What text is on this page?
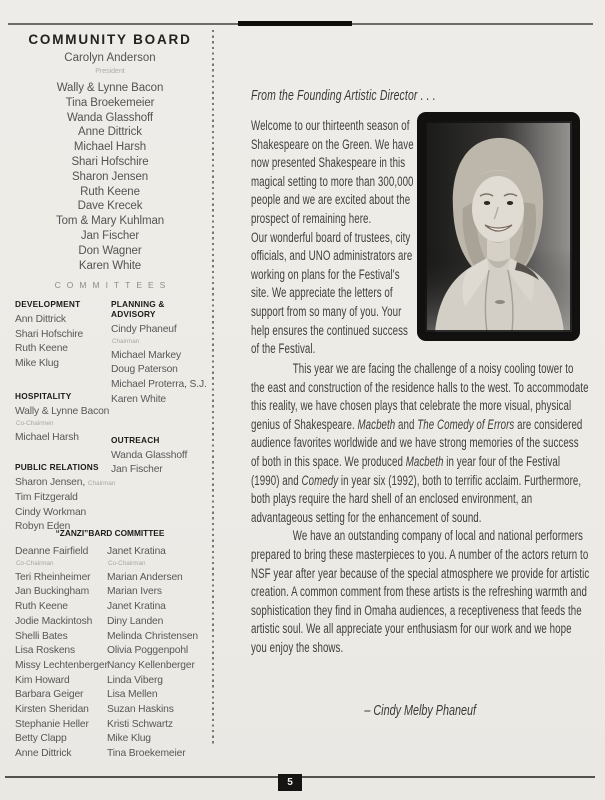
COMMUNITY BOARD
Carolyn Anderson
President
Wally & Lynne Bacon
Tina Broekemeier
Wanda Glasshoff
Anne Dittrick
Michael Harsh
Shari Hofschire
Sharon Jensen
Ruth Keene
Dave Krecek
Tom & Mary Kuhlman
Jan Fischer
Don Wagner
Karen White
COMMITTEES
DEVELOPMENT
Ann Dittrick
Shari Hofschire
Ruth Keene
Mike Klug
HOSPITALITY
Wally & Lynne Bacon
Co-Chairmen
Michael Harsh
PUBLIC RELATIONS
Sharon Jensen, Chairman
Tim Fitzgerald
Cindy Workman
Robyn Eden
PLANNING & ADVISORY
Cindy Phaneuf
Chairman
Michael Markey
Doug Paterson
Michael Proterra, S.J.
Karen White
OUTREACH
Wanda Glasshoff
Jan Fischer
“ZANZI”BARD COMMITTEE
Deanne Fairfield
Co-Chairman
Teri Rheinheimer
Jan Buckingham
Ruth Keene
Jodie Mackintosh
Shelli Bates
Lisa Roskens
Missy Lechtenberger
Kim Howard
Barbara Geiger
Kirsten Sheridan
Stephanie Heller
Betty Clapp
Anne Dittrick
Janet Kratina
Co-Chairman
Marian Andersen
Marian Ivers
Janet Kratina
Diny Landen
Melinda Christensen
Olivia Poggenpohl
Nancy Kellenberger
Linda Viberg
Lisa Mellen
Suzan Haskins
Kristi Schwartz
Mike Klug
Tina Broekemeier
From the Founding Artistic Director . . .

Welcome to our thirteenth season of Shakespeare on the Green. We have now presented Shakespeare in this magical setting to more than 300,000 people and we are excited about the prospect of remaining here.

Our wonderful board of trustees, city officials, and UNO administrators are working on plans for the Festival's site. We appreciate the letters of support from so many of you. Your help ensures the continued success of the Festival.

This year we are facing the challenge of a noisy cooling tower to the east and construction of the residence halls to the west. To accommodate this reality, we have chosen plays that celebrate the more visual, physical genius of Shakespeare. Macbeth and The Comedy of Errors are considered audience favorites worldwide and we have strong memories of the success of both in this space. We produced Macbeth in year four of the Festival (1990) and Comedy in year six (1992), both to terrific acclaim. Furthermore, both plays require the hard shell of an enclosed environment, an advantageous setting for the enhancement of sound.

We have an outstanding company of local and national performers prepared to bring these masterpieces to you. A number of the actors return to NSF year after year because of the special atmosphere we provide for artistic creation. A common comment from these artists is the refreshing warmth and sophistication they find in Omaha audiences, a receptiveness that feeds the artistic soul. We all appreciate your enthusiasm for our work and we hope you enjoy the shows.

– Cindy Melby Phaneuf
5
